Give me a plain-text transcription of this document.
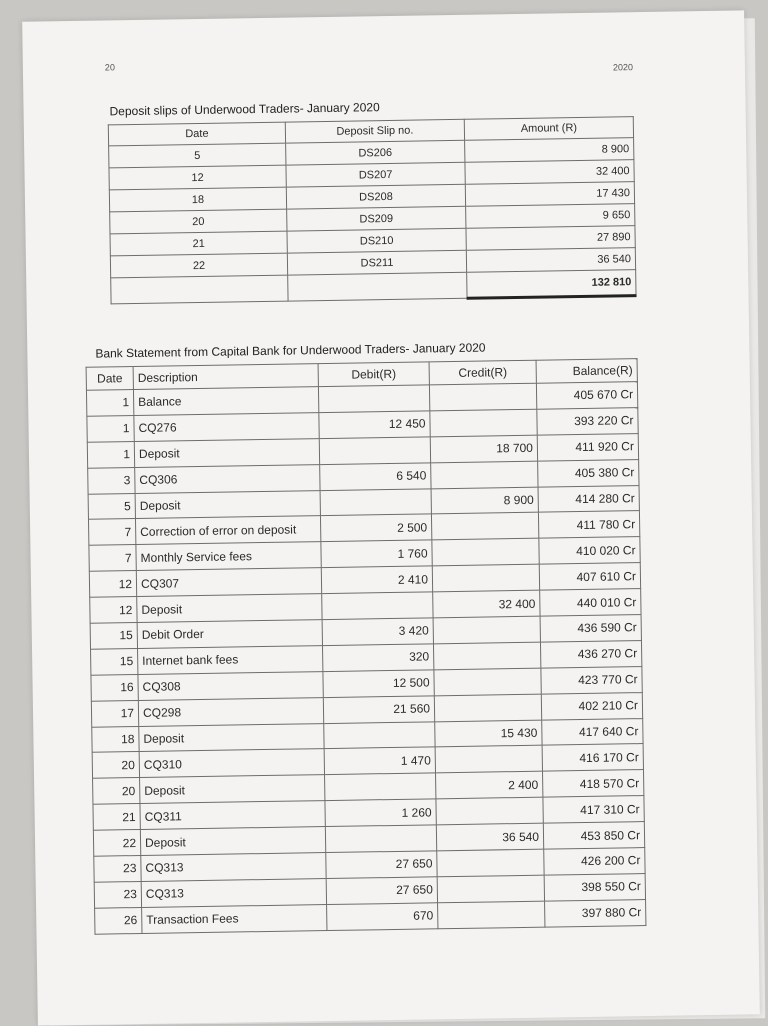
20	2020
Deposit slips of Underwood Traders- January 2020
Date	Deposit Slip no.	Amount (R)
5	DS206	8 900
12	DS207	32 400
18	DS208	17 430
20	DS209	9 650
21	DS210	27 890
22	DS211	36 540
		132 810
Bank Statement from Capital Bank for Underwood Traders- January 2020
Date	Description	Debit(R)	Credit(R)	Balance(R)
1	Balance			405 670 Cr
1	CQ276	12 450		393 220 Cr
1	Deposit		18 700	411 920 Cr
3	CQ306	6 540		405 380 Cr
5	Deposit		8 900	414 280 Cr
7	Correction of error on deposit	2 500		411 780 Cr
7	Monthly Service fees	1 760		410 020 Cr
12	CQ307	2 410		407 610 Cr
12	Deposit		32 400	440 010 Cr
15	Debit Order	3 420		436 590 Cr
15	Internet bank fees	320		436 270 Cr
16	CQ308	12 500		423 770 Cr
17	CQ298	21 560		402 210 Cr
18	Deposit		15 430	417 640 Cr
20	CQ310	1 470		416 170 Cr
20	Deposit		2 400	418 570 Cr
21	CQ311	1 260		417 310 Cr
22	Deposit		36 540	453 850 Cr
23	CQ313	27 650		426 200 Cr
23	CQ313	27 650		398 550 Cr
26	Transaction Fees	670		397 880 Cr
